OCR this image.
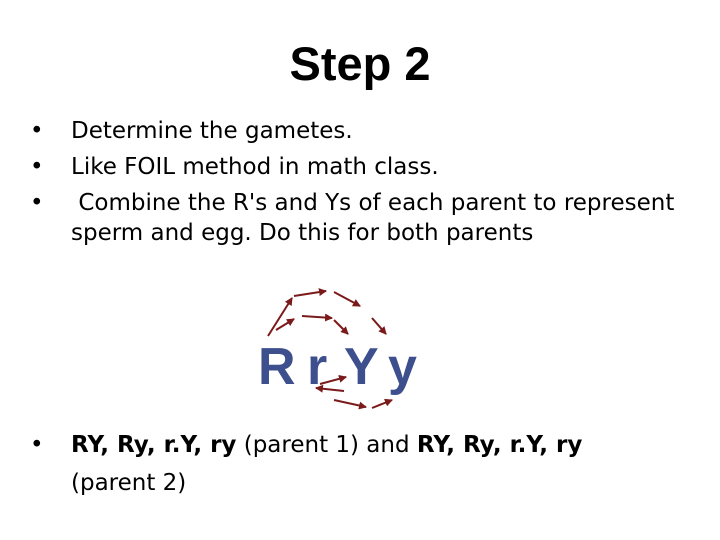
Step 2
• Determine the gametes.
• Like FOIL method in math class.
• Combine the R's and Ys of each parent to represent sperm and egg. Do this for both parents
R r Y y
• RY, Ry, r.Y, ry (parent 1) and RY, Ry, r.Y, ry
(parent 2)
